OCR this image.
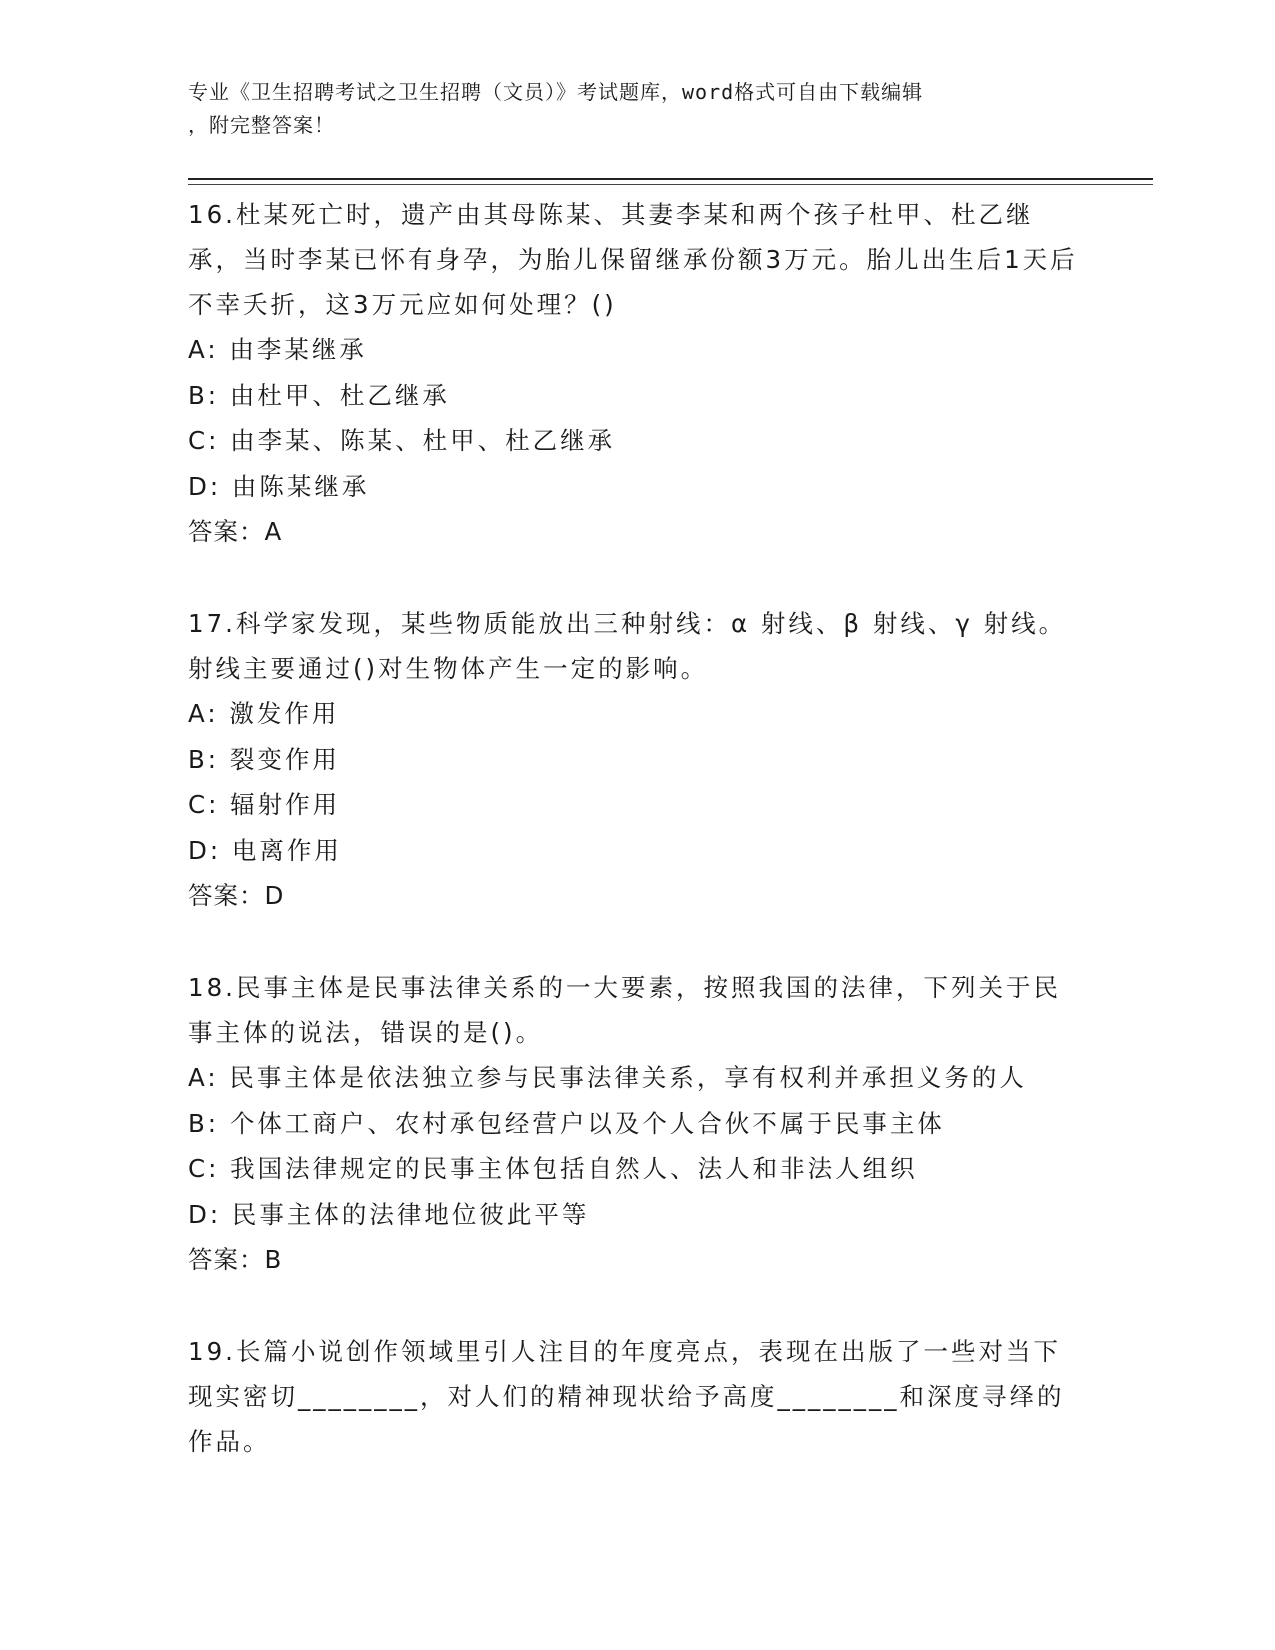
专业《卫生招聘考试之卫生招聘（文员）》考试题库，word格式可自由下载编辑
，附完整答案！
16.杜某死亡时，遗产由其母陈某、其妻李某和两个孩子杜甲、杜乙继承，当时李某已怀有身孕，为胎儿保留继承份额3万元。胎儿出生后1天后不幸夭折，这3万元应如何处理？()
A: 由李某继承
B: 由杜甲、杜乙继承
C: 由李某、陈某、杜甲、杜乙继承
D: 由陈某继承
答案：A
17.科学家发现，某些物质能放出三种射线：α 射线、β 射线、γ 射线。射线主要通过()对生物体产生一定的影响。
A: 激发作用
B: 裂变作用
C: 辐射作用
D: 电离作用
答案：D
18.民事主体是民事法律关系的一大要素，按照我国的法律，下列关于民事主体的说法，错误的是()。
A: 民事主体是依法独立参与民事法律关系，享有权利并承担义务的人
B: 个体工商户、农村承包经营户以及个人合伙不属于民事主体
C: 我国法律规定的民事主体包括自然人、法人和非法人组织
D: 民事主体的法律地位彼此平等
答案：B
19.长篇小说创作领域里引人注目的年度亮点，表现在出版了一些对当下现实密切________，对人们的精神现状给予高度________和深度寻绎的作品。
